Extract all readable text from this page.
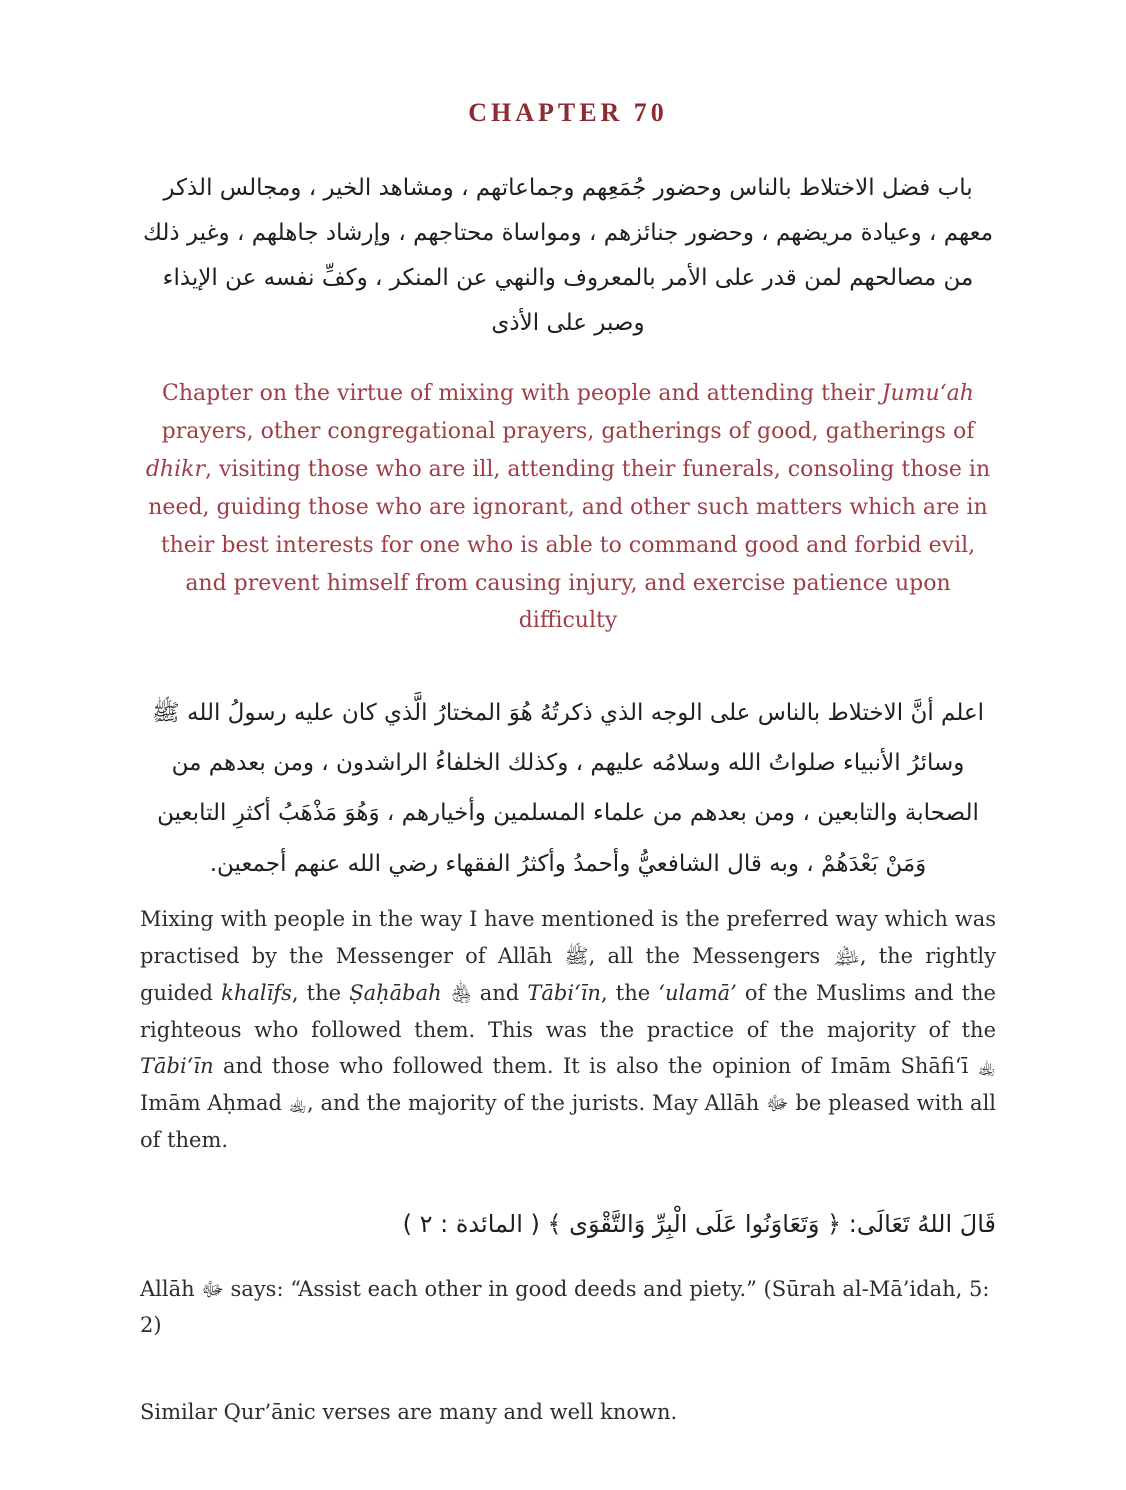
CHAPTER 70

باب فضل الاختلاط بالناس وحضور جُمَعِهم وجماعاتهم ، ومشاهد الخير ، ومجالس الذكر معهم ، وعيادة مريضهم ، وحضور جنائزهم ، ومواساة محتاجهم ، وإرشاد جاهلهم ، وغير ذلك من مصالحهم لمن قدر على الأمر بالمعروف والنهي عن المنكر ، وكفِّ نفسه عن الإيذاء وصبر على الأذى

Chapter on the virtue of mixing with people and attending their Jumu‘ah prayers, other congregational prayers, gatherings of good, gatherings of dhikr, visiting those who are ill, attending their funerals, consoling those in need, guiding those who are ignorant, and other such matters which are in their best interests for one who is able to command good and forbid evil, and prevent himself from causing injury, and exercise patience upon difficulty

اعلم أنَّ الاختلاط بالناس على الوجه الذي ذكرتُهُ هُوَ المختارُ الَّذي كان عليه رسولُ الله ﷺ وسائرُ الأنبياء صلواتُ الله وسلامُه عليهم ، وكذلك الخلفاءُ الراشدون ، ومن بعدهم من الصحابة والتابعين ، ومن بعدهم من علماء المسلمين وأخيارهم ، وَهُوَ مَذْهَبُ أكثرِ التابعين وَمَنْ بَعْدَهُمْ ، وبه قال الشافعيُّ وأحمدُ وأكثرُ الفقهاء رضي الله عنهم أجمعين.

Mixing with people in the way I have mentioned is the preferred way which was practised by the Messenger of Allāh ﷺ, all the Messengers ﵈, the rightly guided khalīfs, the Ṣaḥābah ﵃ and Tābi‘īn, the ‘ulamā’ of the Muslims and the righteous who followed them. This was the practice of the majority of the Tābi‘īn and those who followed them. It is also the opinion of Imām Shāfi‘ī ﵀ Imām Aḥmad ﵀, and the majority of the jurists. May Allāh ﷻ be pleased with all of them.

قَالَ اللهُ تَعَالَى: ﴿ وَتَعَاوَنُوا عَلَى الْبِرِّ وَالتَّقْوَى ﴾ ( المائدة : ٢ )

Allāh ﷻ says: “Assist each other in good deeds and piety.” (Sūrah al-Mā’idah, 5: 2)

Similar Qur’ānic verses are many and well known.
